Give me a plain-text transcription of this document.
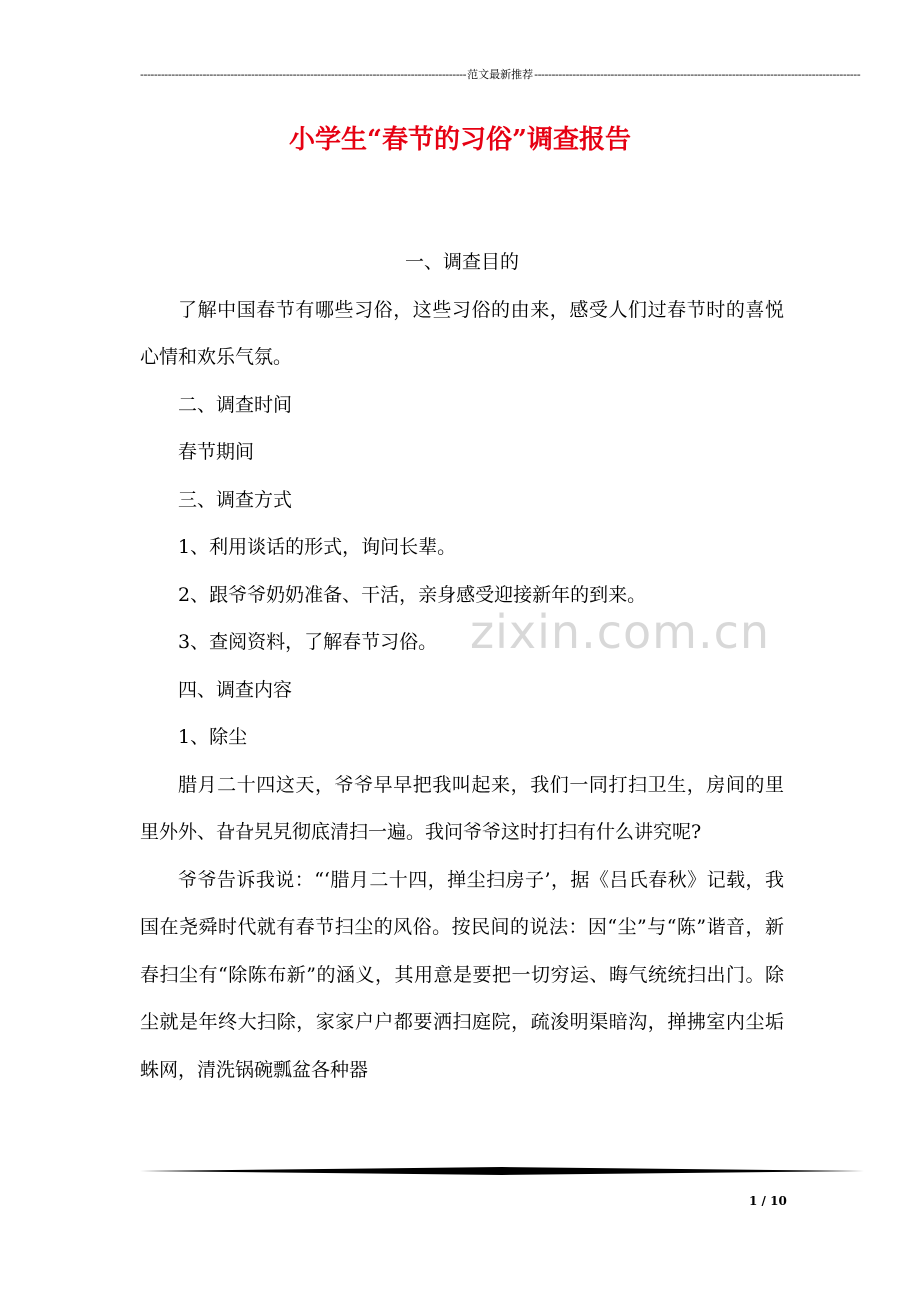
---------------------------------------------------------------------------------------------- 范文最新推荐 ----------------------------------------------------------------------------------------------
小学生“春节的习俗”调查报告

一、调查目的

了解中国春节有哪些习俗，这些习俗的由来，感受人们过春节时的喜悦心情和欢乐气氛。

二、调查时间

春节期间

三、调查方式

1、利用谈话的形式，询问长辈。

2、跟爷爷奶奶准备、干活，亲身感受迎接新年的到来。

3、查阅资料，了解春节习俗。

四、调查内容

1、除尘

腊月二十四这天，爷爷早早把我叫起来，我们一同打扫卫生，房间的里里外外、旮旮旯旯彻底清扫一遍。我问爷爷这时打扫有什么讲究呢?

爷爷告诉我说：“‘腊月二十四，掸尘扫房子’，据《吕氏春秋》记载，我国在尧舜时代就有春节扫尘的风俗。按民间的说法：因“尘”与“陈”谐音，新春扫尘有“除陈布新”的涵义，其用意是要把一切穷运、晦气统统扫出门。除尘就是年终大扫除，家家户户都要洒扫庭院，疏浚明渠暗沟，掸拂室内尘垢蛛网，清洗锅碗瓢盆各种器

zixin.com.cn
1 / 10
